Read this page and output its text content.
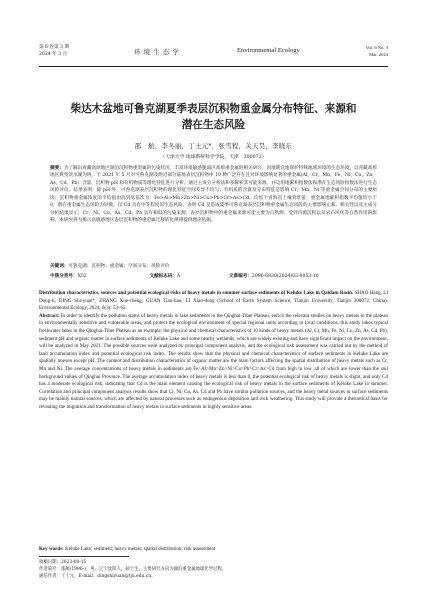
第 6 卷第 3 期
2024 年 3 月	环 境 生 态 学	Environmental Ecology	Vol. 6 No. 3
Mar. 2024
柴达木盆地可鲁克湖夏季表层沉积物重金属分布特征、来源和
潜在生态风险
邵　航，李冬丽，丁士元*，张雪程，关天昊，李晓东
（天津大学 地球系统科学学院，天津　300072）
摘要：为了解识青藏高原地区湖泊沉积物重金属的污染状况，丰富环境敏感脆弱区高原重金属的相关研究，因地制宜地保护特殊地域环境的生态环境，以青藏高原地区典型淡水湖为例，于 2021 年 5 月对可鲁克湖及附近部分陆地表层沉积物中 10 种广泛存在且对环境影响显著的重金属(Al，Cr，Mn，Fe，Ni，Cu，Zn，As，Cd，Pb）含量、沉积物 pH 和有机物质等理化特征进行分析。通过主成分分析法和多解析其可能来源，并运用地累积指数法和潜在生态风险指数法进行生态风险评价。结果表明：除 pH 外，可鲁克湖表层沉积物的理化特征空间差异不均匀；有机质的含量及分布特征是影响 Cr，Mn，Ni 等重金属空间分布的主要原因；沉积物重金属浓度的平均值由高到低依次为：Fe>Al>Mn>Zn>Ni>Cu>Pb>Cr>As>Cd，均低于青海省土壤背景值；重金属地累积指数平均值均小于 0，潜在重金属生态风险为轻微，仅 Cd 具有中等程度的生态风险，表明 Cd 是造成夏季可鲁克湖表层沉积物重金属生态风险的主要影响元素。相关性以及主成分分析结果显示，Cr，Ni，Cu，As，Cd，Pb 具有相似的污染来源，表层沉积物中的重金属来源可能主要为自然源，受到内源沉积以及岩石风化等自然作用的影响。本研究将为揭示高敏感地区表层沉积物的重金属迁移转化规律提供理论依据。
关键词：可鲁克湖；沉积物；重金属；空间分布；风险评价
中图分类号：X52	文献标志码：A	文章编号：2096-6830(2024)03-0053-10
Distribution characteristics, sources and potential ecological risks of heavy metals in summer surface sediments of Keluke Lake in Qaidam Basin. SHAO Hang, LI Dong-li, DING Shi-yuan*, ZHANG Xue-cheng, GUAN Tian-hao, LI Xiao-dong (School of Earth System Science, Tianjin University, Tianjin 300072, China). Environmental Ecology, 2024, 6(3): 53–62.
Abstract: In order to identify the pollution status of heavy metals in lake sediments in the Qinghai-Tibet Plateau, enrich the relevant studies on heavy metals in the plateau in environmentally sensitive and vulnerable areas, and protect the ecological environment of special regional units according to local conditions, this study takes typical freshwater lakes in the Qinghai-Tibet Plateau as an example, the physical and chemical characteristics of 10 kinds of heavy metals (Al, Cr, Mn, Fe, Ni, Cu, Zn, As, Cd, Pb), sediment pH and organic matter in surface sediments of Keluke Lake and some nearby wetlands, which are widely existing and have significant impact on the environment, will be analyzed in May 2021. The possible sources were analyzed by principal component analysis, and the ecological risk assessment was carried out by the method of land accumulation index and potential ecological risk index. The results show that the physical and chemical characteristics of surface sediments in Keluke Lake are spatially uneven except pH. The content and distribution characteristics of organic matter are the main factors affecting the spatial distribution of heavy metals such as Cr, Mn and Ni. The average concentrations of heavy metals in sediments are Fe>Al>Mn>Zn>Ni>Cu>Pb>Cr>As>Cd from high to low, all of which are lower than the soil background values of Qinghai Province. The average accumulation index of heavy metals is less than 0, the potential ecological risk of heavy metals is slight, and only Cd has a moderate ecological risk, indicating that Cd is the main element causing the ecological risk of heavy metals in the surface sediments of Keluke Lake in summer. Correlation and principal component analysis results show that Cr, Ni, Cu, As, Cd and Pb have similar pollution sources, and the heavy metal sources in surface sediments may be mainly natural sources, which are affected by natural processes such as endogenous deposition and rock weathering. This study will provide a theoretical basis for revealing the migration and transformation of heavy metals in surface sediments in highly sensitive areas.
Key words: Keluke Lake; sediment; heavy metals; spatial distribution; risk assessment
收稿日期：2023-08-15
作者简介：邵航(1996-)，男，辽宁沈阳人，硕士生，主要研究方向为湖泊重金属地球化学过程。
通信作者：丁士元，E-mail：dingshiyuan@tju.edu.cn。
